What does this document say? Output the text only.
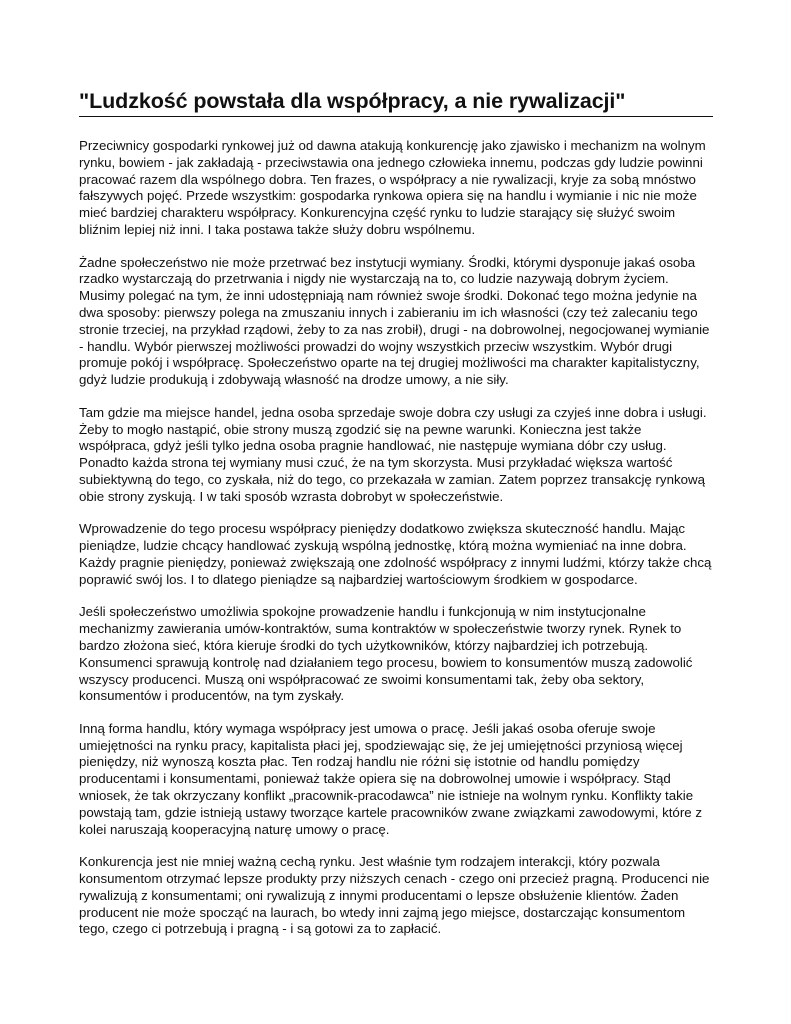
"Ludzkość powstała dla współpracy, a nie rywalizacji"

Przeciwnicy gospodarki rynkowej już od dawna atakują konkurencję jako zjawisko i mechanizm na wolnym rynku, bowiem - jak zakładają - przeciwstawia ona jednego człowieka innemu, podczas gdy ludzie powinni pracować razem dla wspólnego dobra. Ten frazes, o współpracy a nie rywalizacji, kryje za sobą mnóstwo fałszywych pojęć. Przede wszystkim: gospodarka rynkowa opiera się na handlu i wymianie i nic nie może mieć bardziej charakteru współpracy. Konkurencyjna część rynku to ludzie starający się służyć swoim bliźnim lepiej niż inni. I taka postawa także służy dobru wspólnemu.

Żadne społeczeństwo nie może przetrwać bez instytucji wymiany. Środki, którymi dysponuje jakaś osoba rzadko wystarczają do przetrwania i nigdy nie wystarczają na to, co ludzie nazywają dobrym życiem. Musimy polegać na tym, że inni udostępniają nam również swoje środki. Dokonać tego można jedynie na dwa sposoby: pierwszy polega na zmuszaniu innych i zabieraniu im ich własności (czy też zalecaniu tego stronie trzeciej, na przykład rządowi, żeby to za nas zrobił), drugi - na dobrowolnej, negocjowanej wymianie - handlu. Wybór pierwszej możliwości prowadzi do wojny wszystkich przeciw wszystkim. Wybór drugi promuje pokój i współpracę. Społeczeństwo oparte na tej drugiej możliwości ma charakter kapitalistyczny, gdyż ludzie produkują i zdobywają własność na drodze umowy, a nie siły.

Tam gdzie ma miejsce handel, jedna osoba sprzedaje swoje dobra czy usługi za czyjeś inne dobra i usługi. Żeby to mogło nastąpić, obie strony muszą zgodzić się na pewne warunki. Konieczna jest także współpraca, gdyż jeśli tylko jedna osoba pragnie handlować, nie następuje wymiana dóbr czy usług. Ponadto każda strona tej wymiany musi czuć, że na tym skorzysta. Musi przykładać większa wartość subiektywną do tego, co zyskała, niż do tego, co przekazała w zamian. Zatem poprzez transakcję rynkową obie strony zyskują. I w taki sposób wzrasta dobrobyt w społeczeństwie.

Wprowadzenie do tego procesu współpracy pieniędzy dodatkowo zwiększa skuteczność handlu. Mając pieniądze, ludzie chcący handlować zyskują wspólną jednostkę, którą można wymieniać na inne dobra. Każdy pragnie pieniędzy, ponieważ zwiększają one zdolność współpracy z innymi ludźmi, którzy także chcą poprawić swój los. I to dlatego pieniądze są najbardziej wartościowym środkiem w gospodarce.

Jeśli społeczeństwo umożliwia spokojne prowadzenie handlu i funkcjonują w nim instytucjonalne mechanizmy zawierania umów-kontraktów, suma kontraktów w społeczeństwie tworzy rynek. Rynek to bardzo złożona sieć, która kieruje środki do tych użytkowników, którzy najbardziej ich potrzebują. Konsumenci sprawują kontrolę nad działaniem tego procesu, bowiem to konsumentów muszą zadowolić wszyscy producenci. Muszą oni współpracować ze swoimi konsumentami tak, żeby oba sektory, konsumentów i producentów, na tym zyskały.

Inną forma handlu, który wymaga współpracy jest umowa o pracę. Jeśli jakaś osoba oferuje swoje umiejętności na rynku pracy, kapitalista płaci jej, spodziewając się, że jej umiejętności przyniosą więcej pieniędzy, niż wynoszą koszta płac. Ten rodzaj handlu nie różni się istotnie od handlu pomiędzy producentami i konsumentami, ponieważ także opiera się na dobrowolnej umowie i współpracy. Stąd wniosek, że tak okrzyczany konflikt „pracownik-pracodawca” nie istnieje na wolnym rynku. Konflikty takie powstają tam, gdzie istnieją ustawy tworzące kartele pracowników zwane związkami zawodowymi, które z kolei naruszają kooperacyjną naturę umowy o pracę.

Konkurencja jest nie mniej ważną cechą rynku. Jest właśnie tym rodzajem interakcji, który pozwala konsumentom otrzymać lepsze produkty przy niższych cenach - czego oni przecież pragną. Producenci nie rywalizują z konsumentami; oni rywalizują z innymi producentami o lepsze obsłużenie klientów. Żaden producent nie może spocząć na laurach, bo wtedy inni zajmą jego miejsce, dostarczając konsumentom tego, czego ci potrzebują i pragną - i są gotowi za to zapłacić.
